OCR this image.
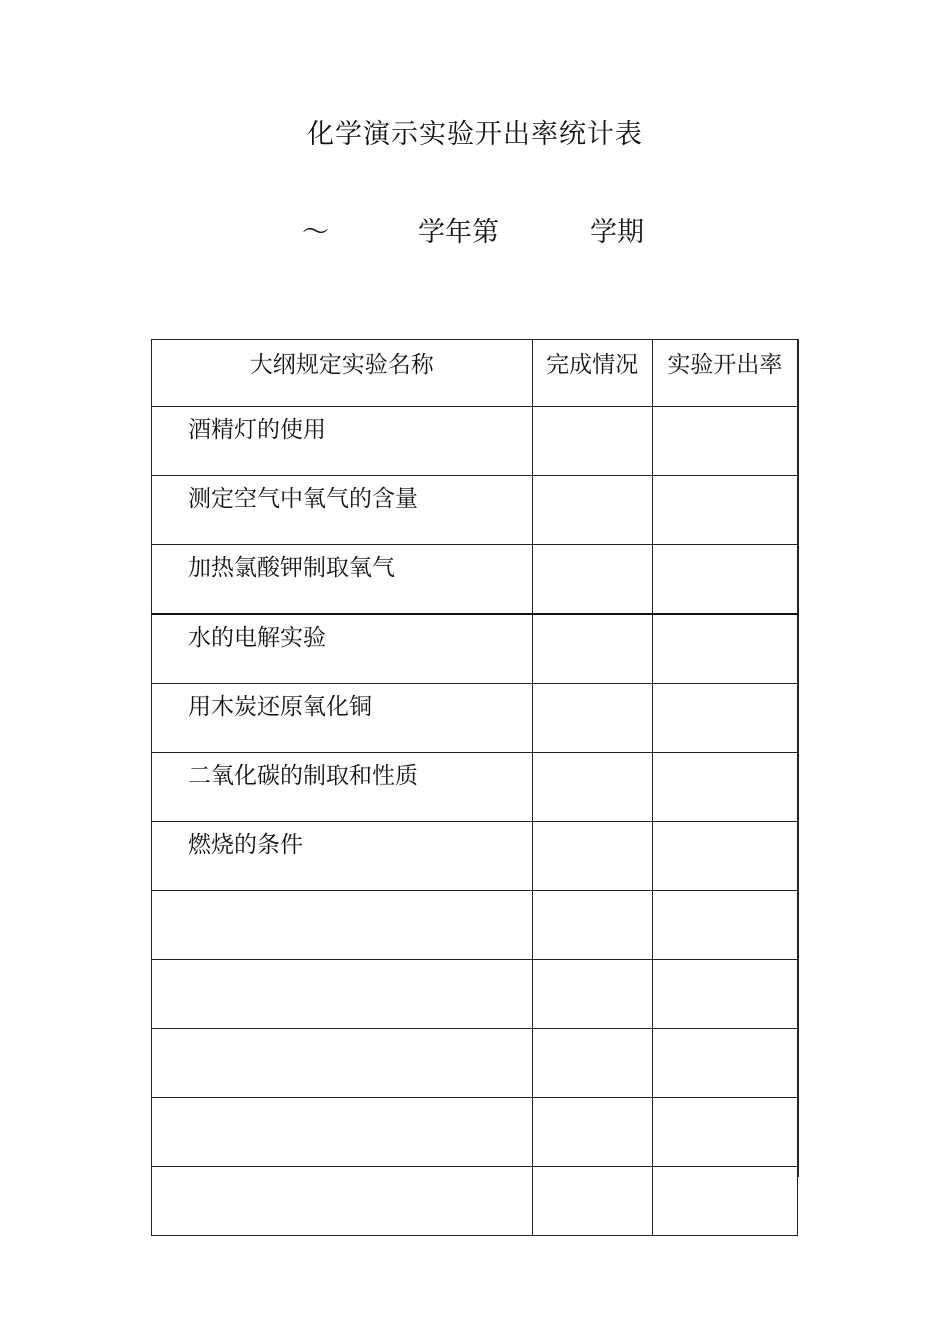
化学演示实验开出率统计表
～	学年第	学期
大纲规定实验名称	完成情况	实验开出率
酒精灯的使用		
测定空气中氧气的含量		
加热氯酸钾制取氧气		
水的电解实验		
用木炭还原氧化铜		
二氧化碳的制取和性质		
燃烧的条件		
